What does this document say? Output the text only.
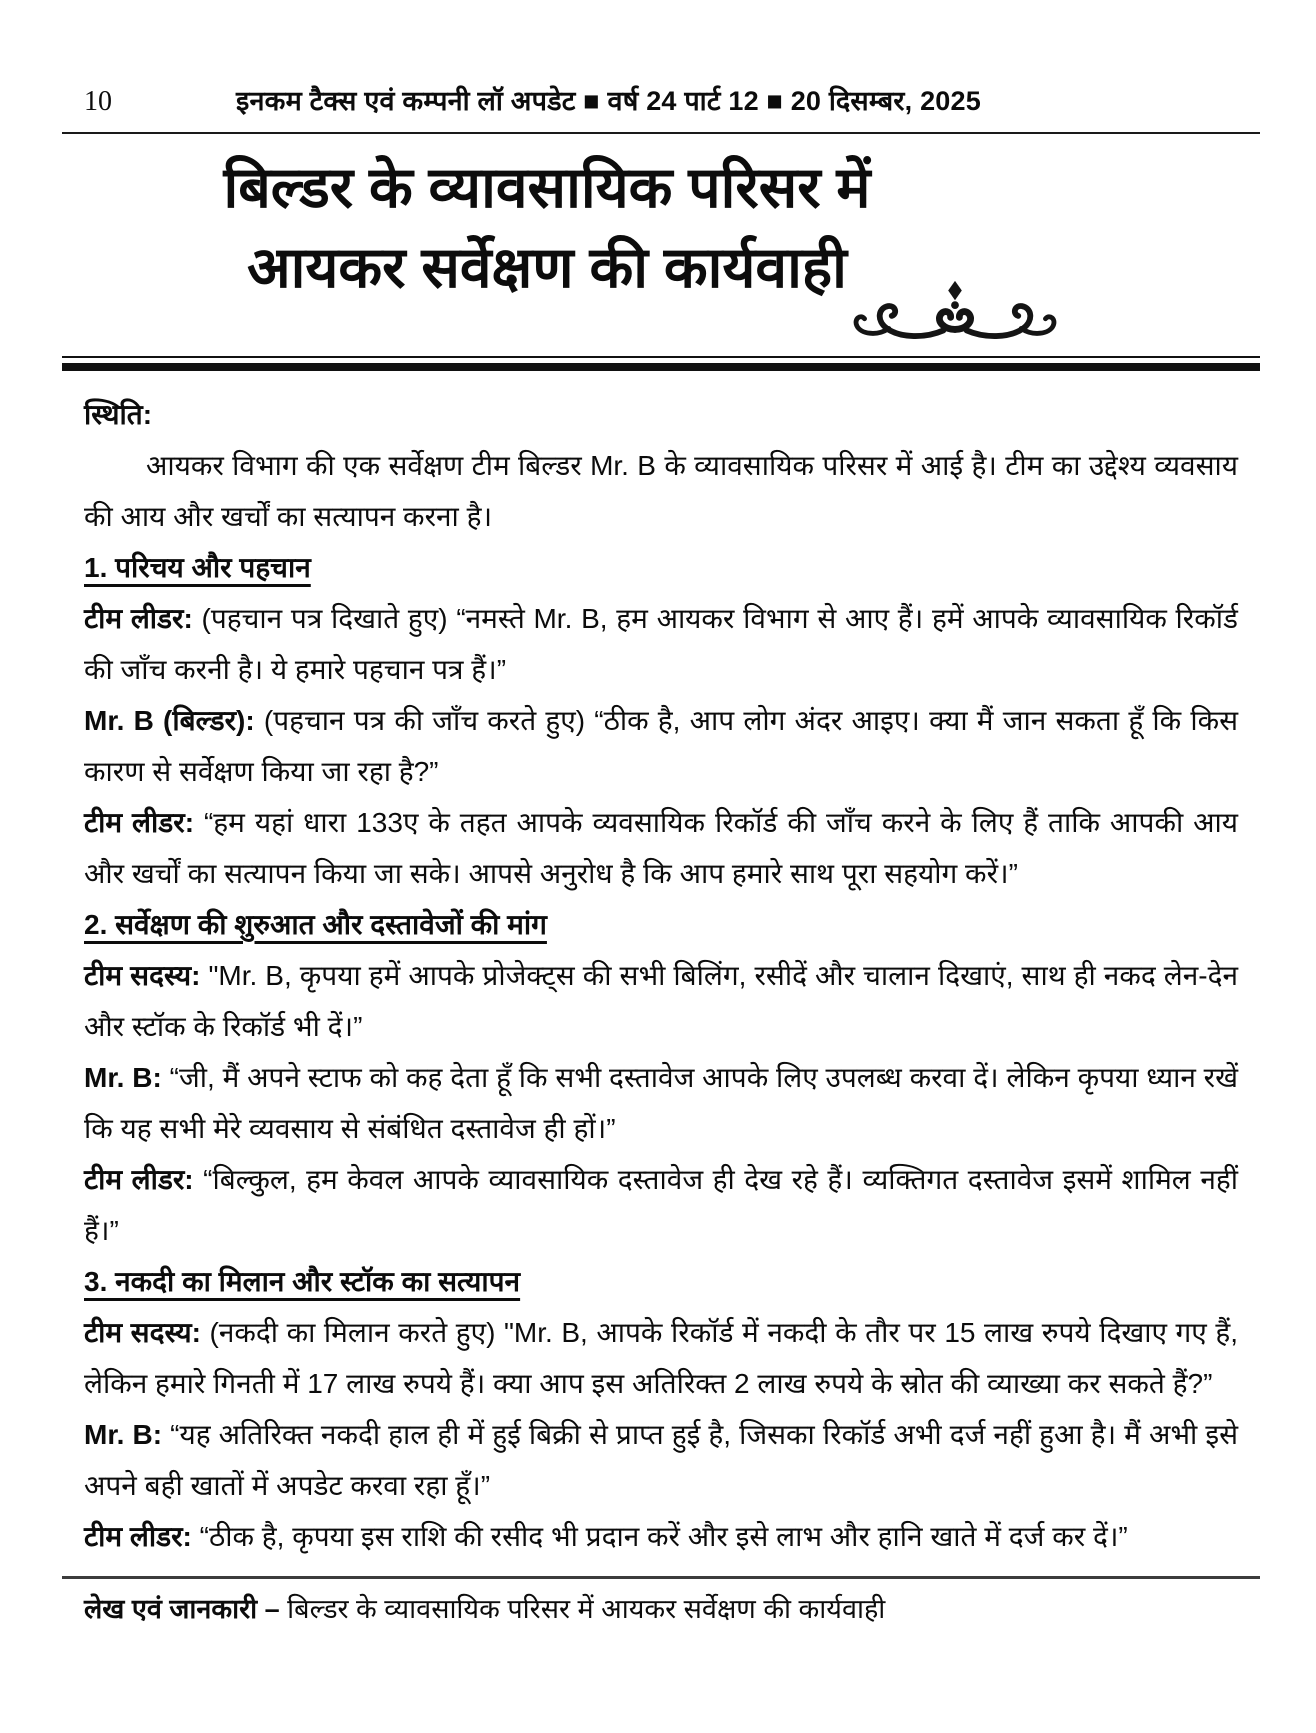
10	इनकम टैक्स एवं कम्पनी लॉ अपडेट ■ वर्ष 24 पार्ट 12 ■ 20 दिसम्बर, 2025
बिल्डर के व्यावसायिक परिसर में
आयकर सर्वेक्षण की कार्यवाही

स्थिति:

आयकर विभाग की एक सर्वेक्षण टीम बिल्डर Mr. B के व्यावसायिक परिसर में आई है। टीम का उद्देश्य व्यवसाय की आय और खर्चों का सत्यापन करना है।

1. परिचय और पहचान

टीम लीडर: (पहचान पत्र दिखाते हुए) “नमस्ते Mr. B, हम आयकर विभाग से आए हैं। हमें आपके व्यावसायिक रिकॉर्ड की जाँच करनी है। ये हमारे पहचान पत्र हैं।”

Mr. B (बिल्डर): (पहचान पत्र की जाँच करते हुए) “ठीक है, आप लोग अंदर आइए। क्या मैं जान सकता हूँ कि किस कारण से सर्वेक्षण किया जा रहा है?”

टीम लीडर: “हम यहां धारा 133ए के तहत आपके व्यवसायिक रिकॉर्ड की जाँच करने के लिए हैं ताकि आपकी आय और खर्चों का सत्यापन किया जा सके। आपसे अनुरोध है कि आप हमारे साथ पूरा सहयोग करें।”

2. सर्वेक्षण की शुरुआत और दस्तावेजों की मांग

टीम सदस्य: "Mr. B, कृपया हमें आपके प्रोजेक्ट्स की सभी बिलिंग, रसीदें और चालान दिखाएं, साथ ही नकद लेन-देन और स्टॉक के रिकॉर्ड भी दें।”

Mr. B: “जी, मैं अपने स्टाफ को कह देता हूँ कि सभी दस्तावेज आपके लिए उपलब्ध करवा दें। लेकिन कृपया ध्यान रखें कि यह सभी मेरे व्यवसाय से संबंधित दस्तावेज ही हों।”

टीम लीडर: “बिल्कुल, हम केवल आपके व्यावसायिक दस्तावेज ही देख रहे हैं। व्यक्तिगत दस्तावेज इसमें शामिल नहीं हैं।”

3. नकदी का मिलान और स्टॉक का सत्यापन

टीम सदस्य: (नकदी का मिलान करते हुए) "Mr. B, आपके रिकॉर्ड में नकदी के तौर पर 15 लाख रुपये दिखाए गए हैं, लेकिन हमारे गिनती में 17 लाख रुपये हैं। क्या आप इस अतिरिक्त 2 लाख रुपये के स्रोत की व्याख्या कर सकते हैं?”

Mr. B: “यह अतिरिक्त नकदी हाल ही में हुई बिक्री से प्राप्त हुई है, जिसका रिकॉर्ड अभी दर्ज नहीं हुआ है। मैं अभी इसे अपने बही खातों में अपडेट करवा रहा हूँ।”

टीम लीडर: “ठीक है, कृपया इस राशि की रसीद भी प्रदान करें और इसे लाभ और हानि खाते में दर्ज कर दें।”

लेख एवं जानकारी – बिल्डर के व्यावसायिक परिसर में आयकर सर्वेक्षण की कार्यवाही
